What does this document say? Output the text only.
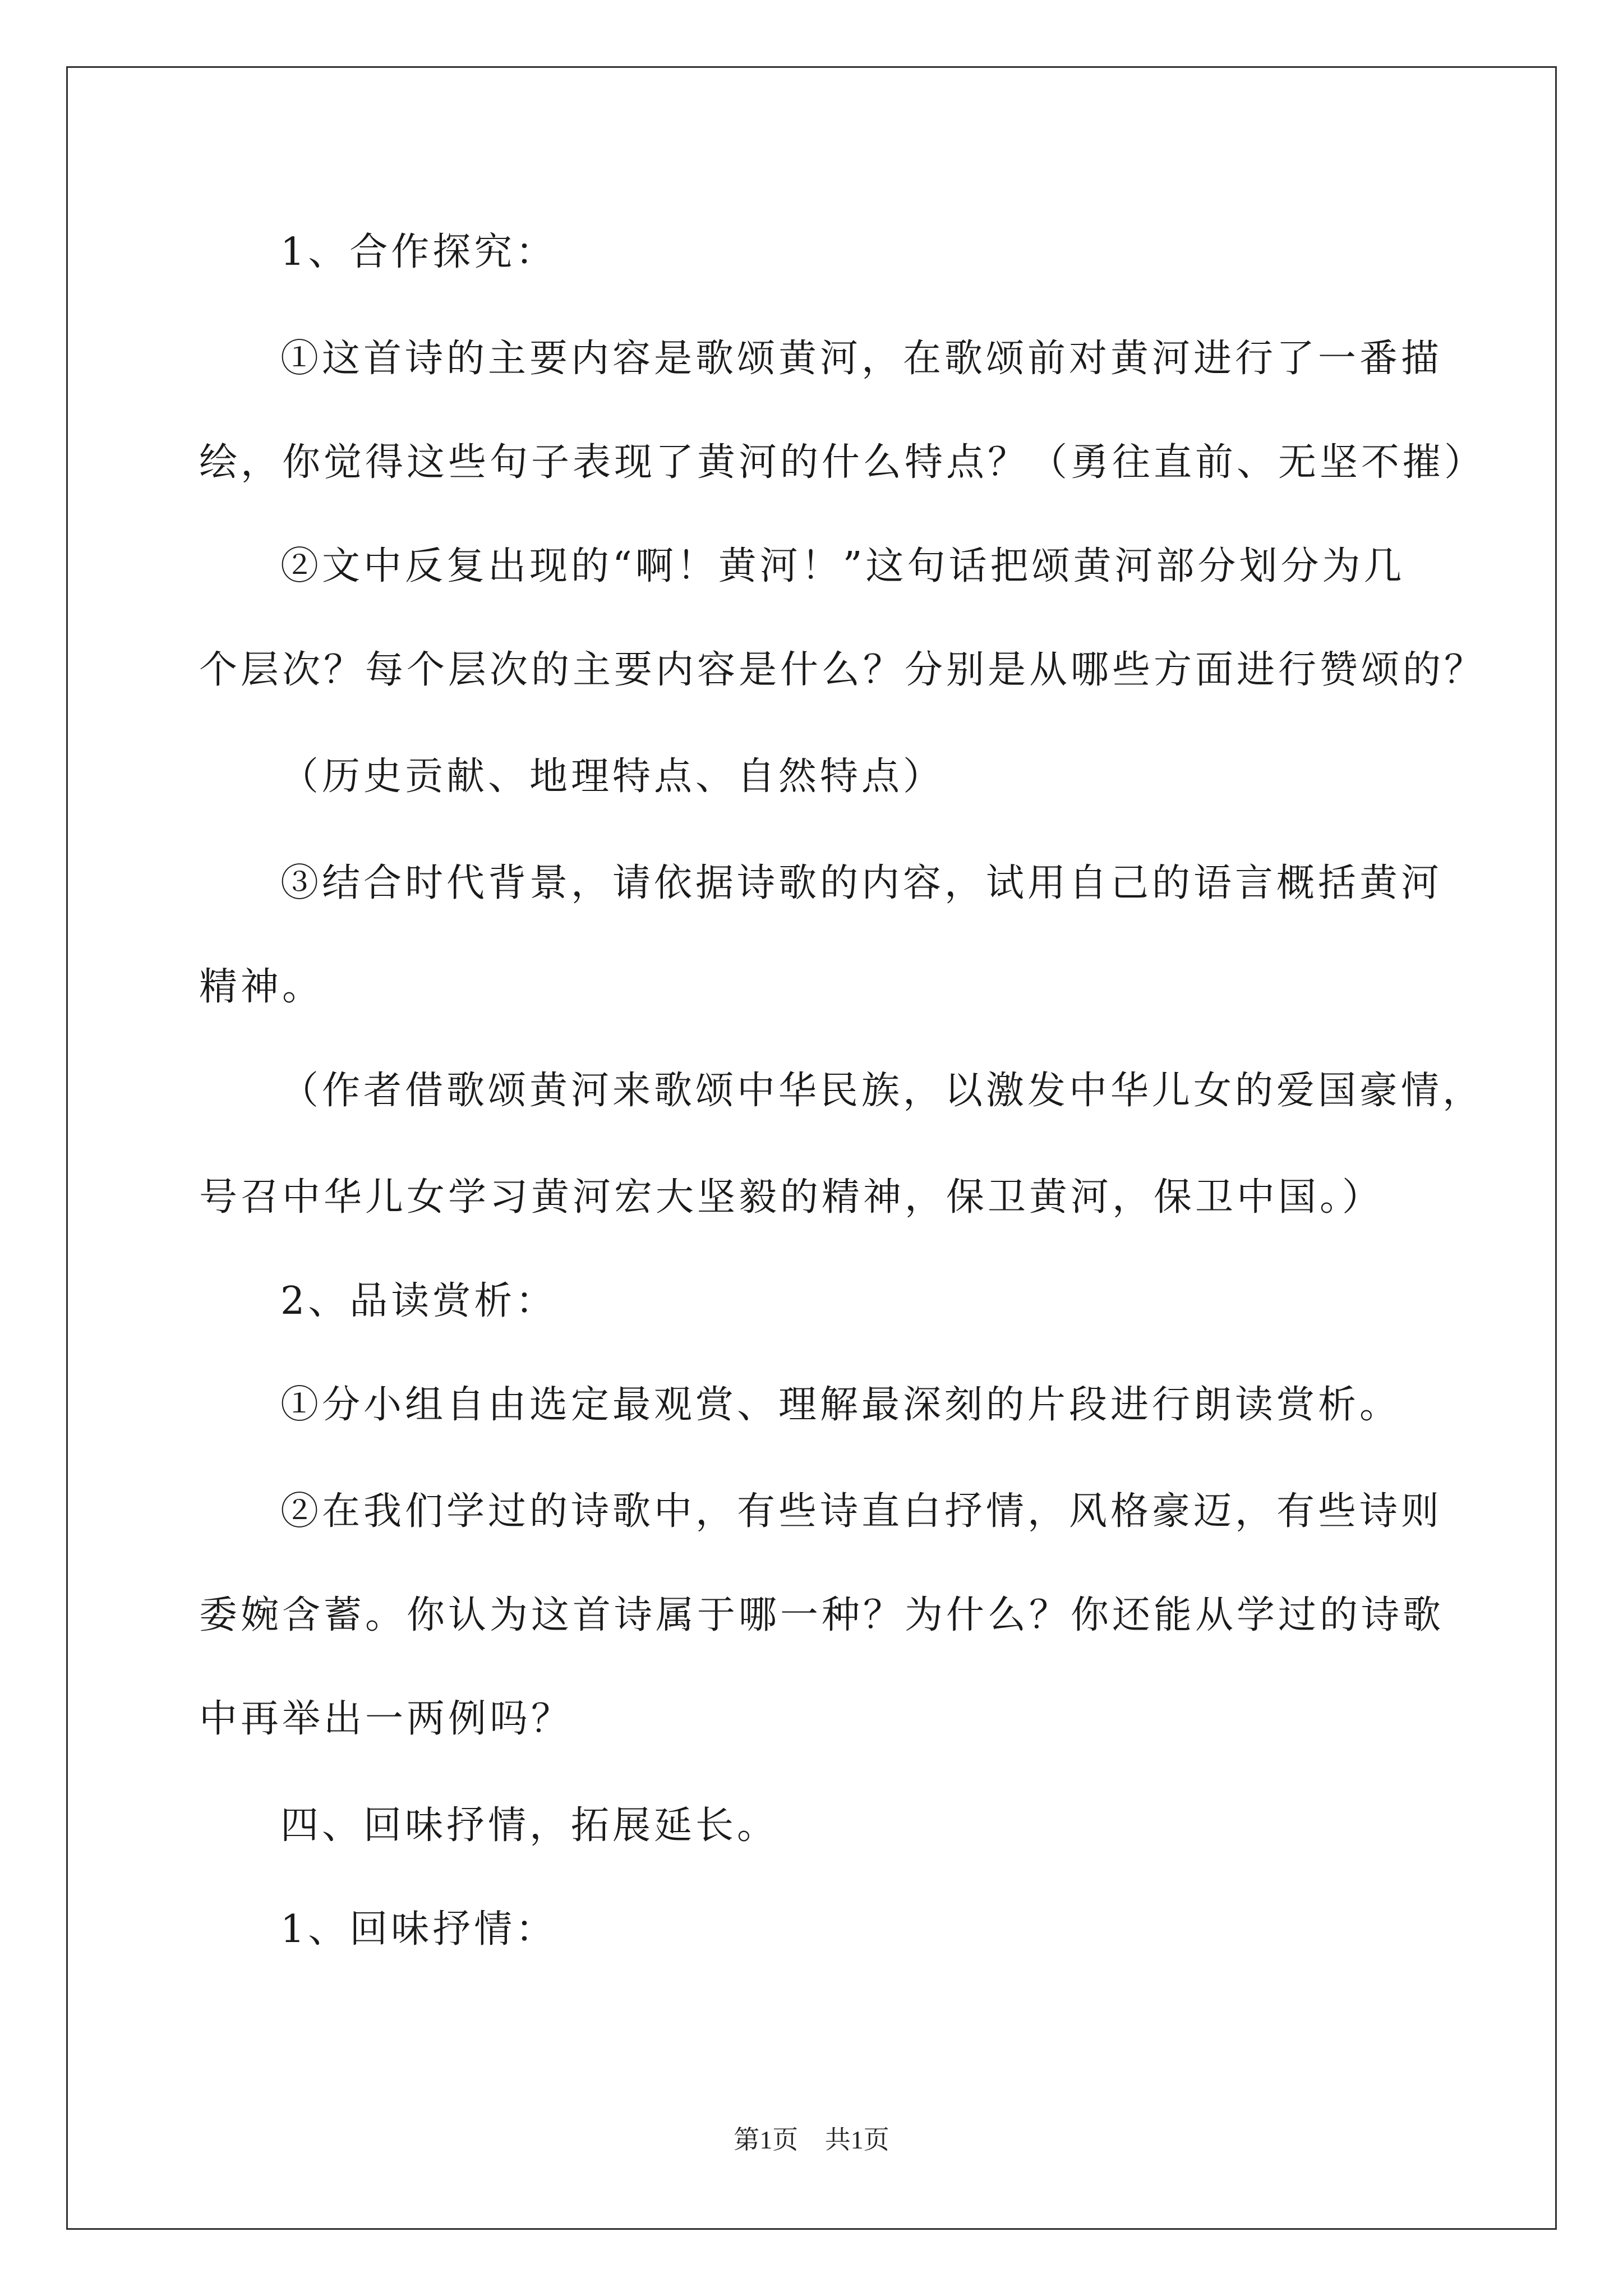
1、合作探究：
①这首诗的主要内容是歌颂黄河，在歌颂前对黄河进行了一番描
绘，你觉得这些句子表现了黄河的什么特点？（勇往直前、无坚不摧）
②文中反复出现的“啊！黄河！”这句话把颂黄河部分划分为几
个层次？每个层次的主要内容是什么？分别是从哪些方面进行赞颂的？
（历史贡献、地理特点、自然特点）
③结合时代背景，请依据诗歌的内容，试用自己的语言概括黄河
精神。
（作者借歌颂黄河来歌颂中华民族，以激发中华儿女的爱国豪情，
号召中华儿女学习黄河宏大坚毅的精神，保卫黄河，保卫中国。）
2、品读赏析：
①分小组自由选定最观赏、理解最深刻的片段进行朗读赏析。
②在我们学过的诗歌中，有些诗直白抒情，风格豪迈，有些诗则
委婉含蓄。你认为这首诗属于哪一种？为什么？你还能从学过的诗歌
中再举出一两例吗？
四、回味抒情，拓展延长。
1、回味抒情：
第1页 共1页
